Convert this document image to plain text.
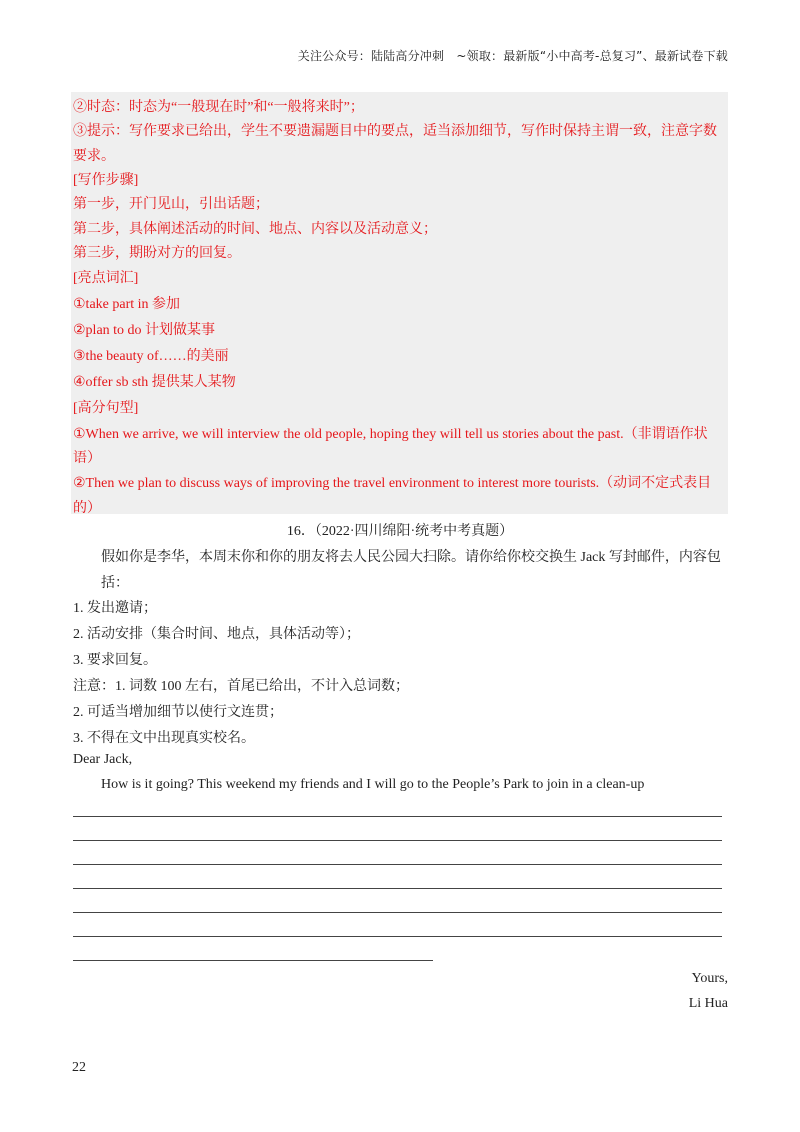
关注公众号：陆陆高分冲刺　~领取：最新版“小中高考-总复习”、最新试卷下载
②时态：时态为“一般现在时”和“一般将来时”；
③提示：写作要求已给出，学生不要遗漏题目中的要点，适当添加细节，写作时保持主谓一致，注意字数
要求。
[写作步骤]
第一步，开门见山，引出话题；
第二步，具体阐述活动的时间、地点、内容以及活动意义；
第三步，期盼对方的回复。
[亮点词汇]
①take part in 参加
②plan to do 计划做某事
③the beauty of……的美丽
④offer sb sth 提供某人某物
[高分句型]
①When we arrive, we will interview the old people, hoping they will tell us stories about the past.（非谓语作状
语）
②Then we plan to discuss ways of improving the travel environment to interest more tourists.（动词不定式表目
的）
16．（2022·四川绵阳·统考中考真题）
假如你是李华，本周末你和你的朋友将去人民公园大扫除。请你给你校交换生 Jack 写封邮件，内容包
括：
1. 发出邀请；
2. 活动安排（集合时间、地点，具体活动等）；
3. 要求回复。
注意：1. 词数 100 左右，首尾已给出，不计入总词数；
2. 可适当增加细节以使行文连贯；
3. 不得在文中出现真实校名。
Dear Jack,
How is it going? This weekend my friends and I will go to the People’s Park to join in a clean-up
Yours,
Li Hua
22
